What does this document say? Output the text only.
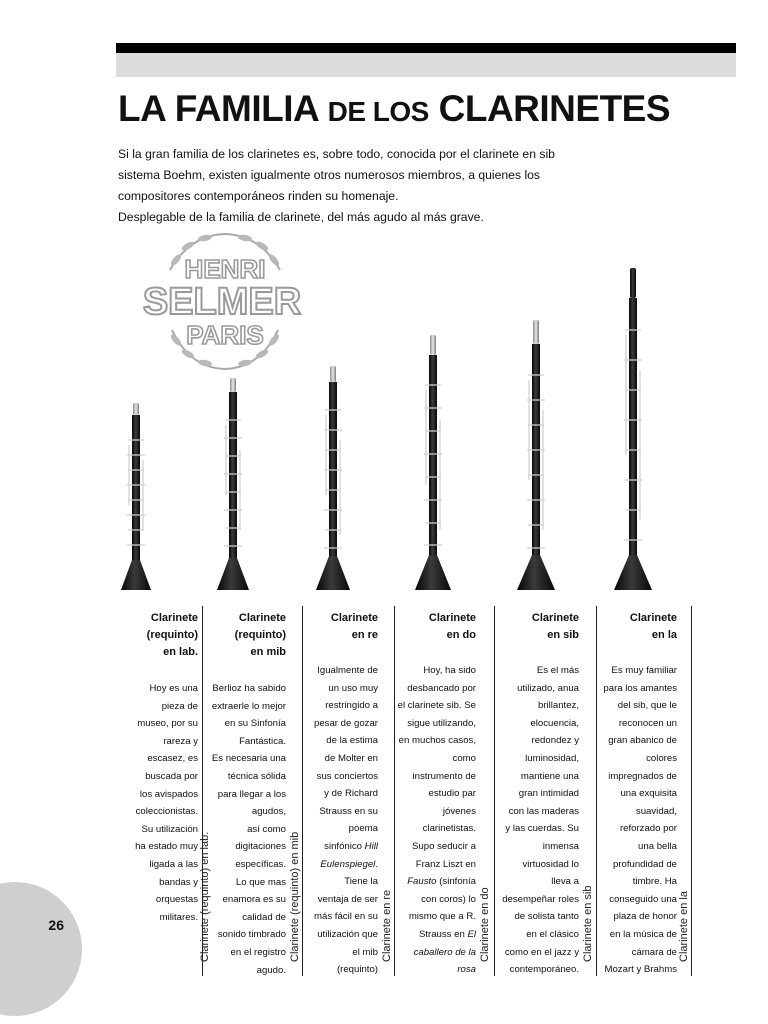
LA FAMILIA DE LOS CLARINETES

Si la gran familia de los clarinetes es, sobre todo, conocida por el clarinete en sib

sistema Boehm, existen igualmente otros numerosos miembros, a quienes los

compositores contemporáneos rinden su homenaje.

Desplegable de la familia de clarinete, del más agudo al más grave.

HENRI
SELMER
PARIS
Clarinete
(requinto)
en lab.
Hoy es una
pieza de
museo, por su
rareza y
escasez, es
buscada por
los avispados
coleccionistas.
Su utilización
ha estado muy
ligada a las
bandas y
orquestas
militares. Clarinete (requinto) en lab.
Clarinete
(requinto)
en mib
Berlioz ha sabido
extraerle lo mejor
en su Sinfonía
Fantástica.
Es necesaria una
técnica sólida
para llegar a los
agudos,
así como
digitaciones
específicas.
Lo que mas
enamora es su
calidad de
sonido timbrado
en el registro
agudo.
Clarinete (requinto) en mib
Clarinete
en re
Igualmente de
un uso muy
restringido a
pesar de gozar
de la estima
de Molter en
sus conciertos
y de Richard
Strauss en su
poema
sinfónico Hill
Eulenspiegel.
Tiene la
ventaja de ser
más fácil en su
utilización que
el mib
(requinto)
Clarinete en re
Clarinete
en do
Hoy, ha sido
desbancado por
el clarinete sib. Se
sigue utilizando,
en muchos casos,
como
instrumento de
estudio par
jóvenes
clarinetistas.
Supo seducir a
Franz Liszt en
Fausto (sinfonía
con coros) lo
mismo que a R.
Strauss en El
caballero de la
rosa
Clarinete en do
Clarinete
en sib
Es el más
utilizado, anua
brillantez,
elocuencia,
redondez y
luminosidad,
mantiene una
gran intimidad
con las maderas
y las cuerdas. Su
inmensa
virtuosidad lo
lleva a
desempeñar roles
de solista tanto
en el clásico
como en el jazz y
contemporáneo.
Clarinete en sib
Clarinete
en la
Es muy familiar
para los amantes
del sib, que le
reconocen un
gran abanico de
colores
impregnados de
una exquisita
suavidad,
reforzado por
una bella
profundidad de
timbre. Ha
conseguido una
plaza de honor
en la música de
cámara de
Mozart y Brahms
Clarinete en la
26
